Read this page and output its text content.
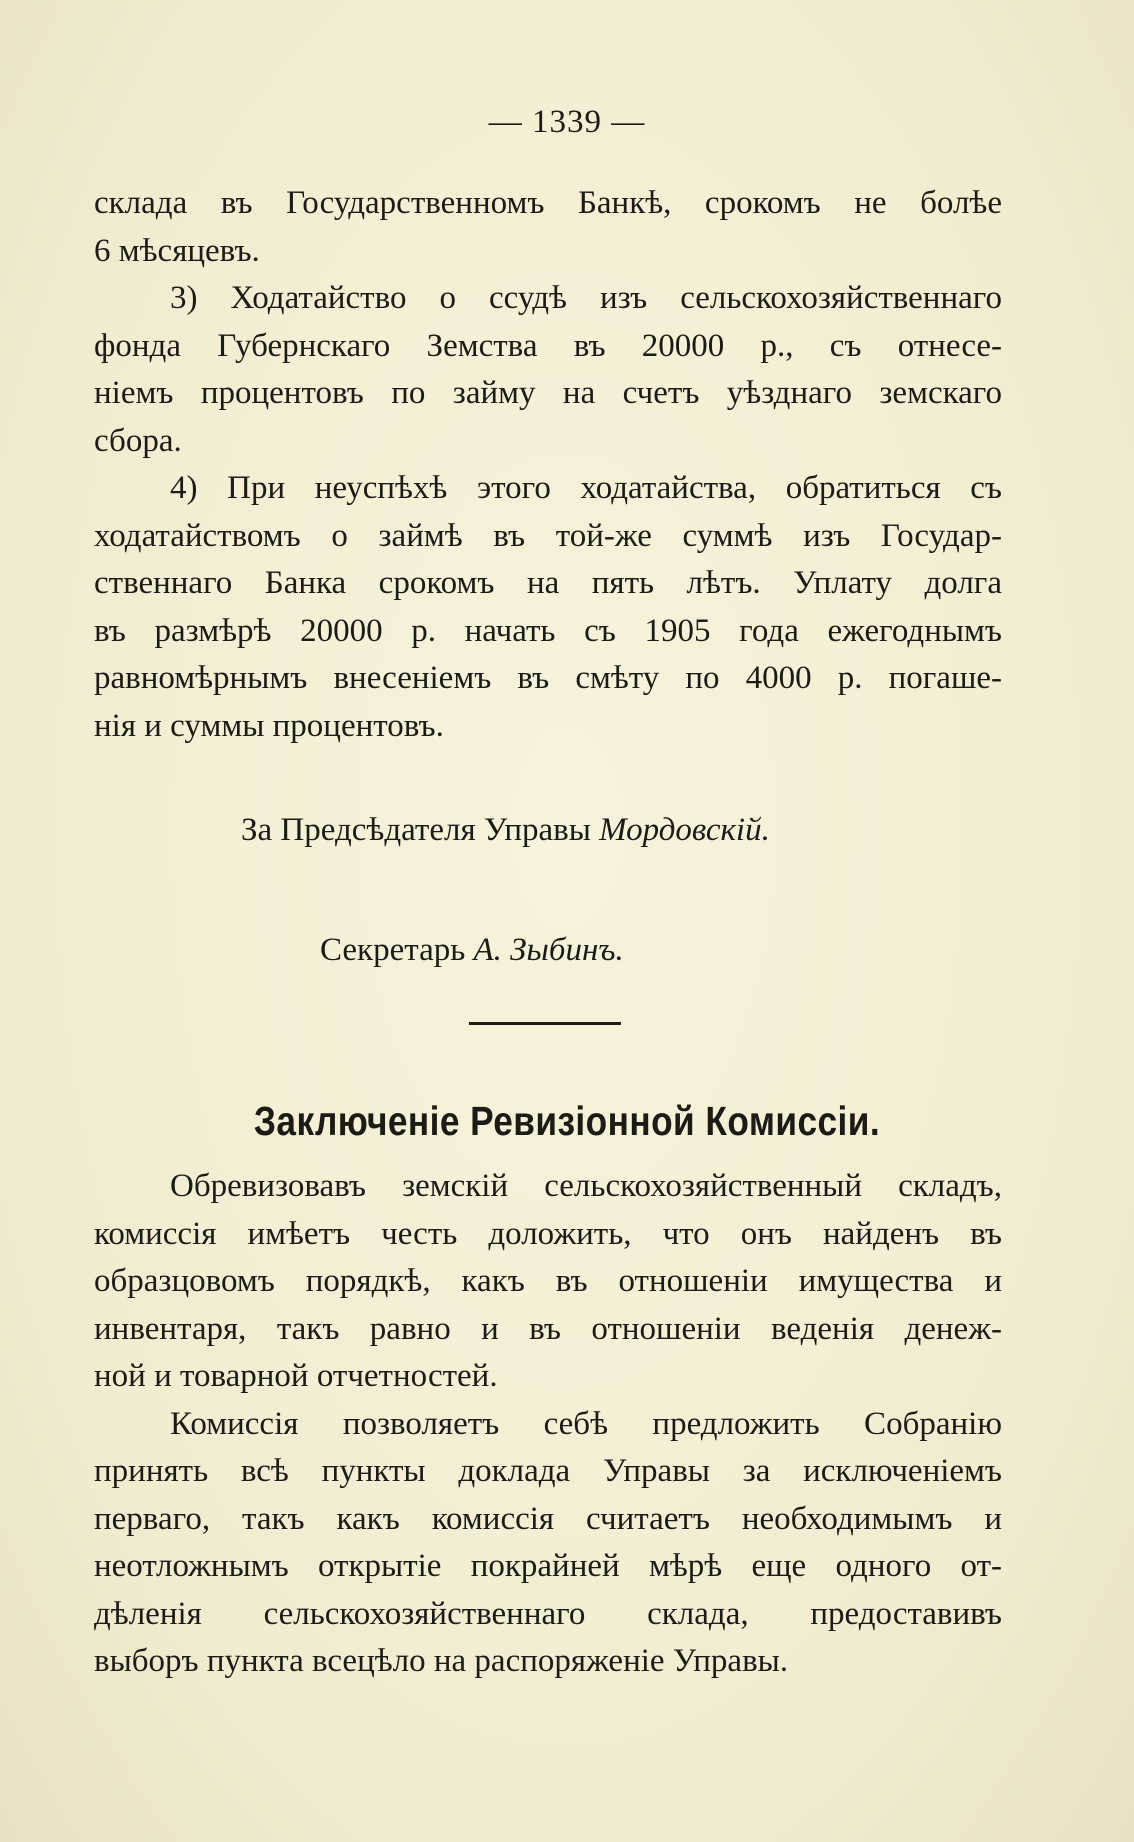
— 1339 —
склада въ Государственномъ Банкѣ, срокомъ не болѣе
6 мѣсяцевъ.
3) Ходатайство о ссудѣ изъ сельскохозяйственнаго
фонда Губернскаго Земства въ 20000 р., съ отнесе-
ніемъ процентовъ по займу на счетъ уѣзднаго земскаго
сбора.
4) При неуспѣхѣ этого ходатайства, обратиться съ
ходатайствомъ о займѣ въ той-же суммѣ изъ Государ-
ственнаго Банка срокомъ на пять лѣтъ. Уплату долга
въ размѣрѣ 20000 р. начать съ 1905 года ежегоднымъ
равномѣрнымъ внесеніемъ въ смѣту по 4000 р. погаше-
нія и суммы процентовъ.
За Предсѣдателя Управы Мордовскій.
Секретарь А. Зыбинъ.
Заключеніе Ревизіонной Комиссіи.
Обревизовавъ земскій сельскохозяйственный складъ,
комиссія имѣетъ честь доложить, что онъ найденъ въ
образцовомъ порядкѣ, какъ въ отношеніи имущества и
инвентаря, такъ равно и въ отношеніи веденія денеж-
ной и товарной отчетностей.
Комиссія позволяетъ себѣ предложить Собранію
принять всѣ пункты доклада Управы за исключеніемъ
перваго, такъ какъ комиссія считаетъ необходимымъ и
неотложнымъ открытіе покрайней мѣрѣ еще одного от-
дѣленія сельскохозяйственнаго склада, предоставивъ
выборъ пункта всецѣло на распоряженіе Управы.
